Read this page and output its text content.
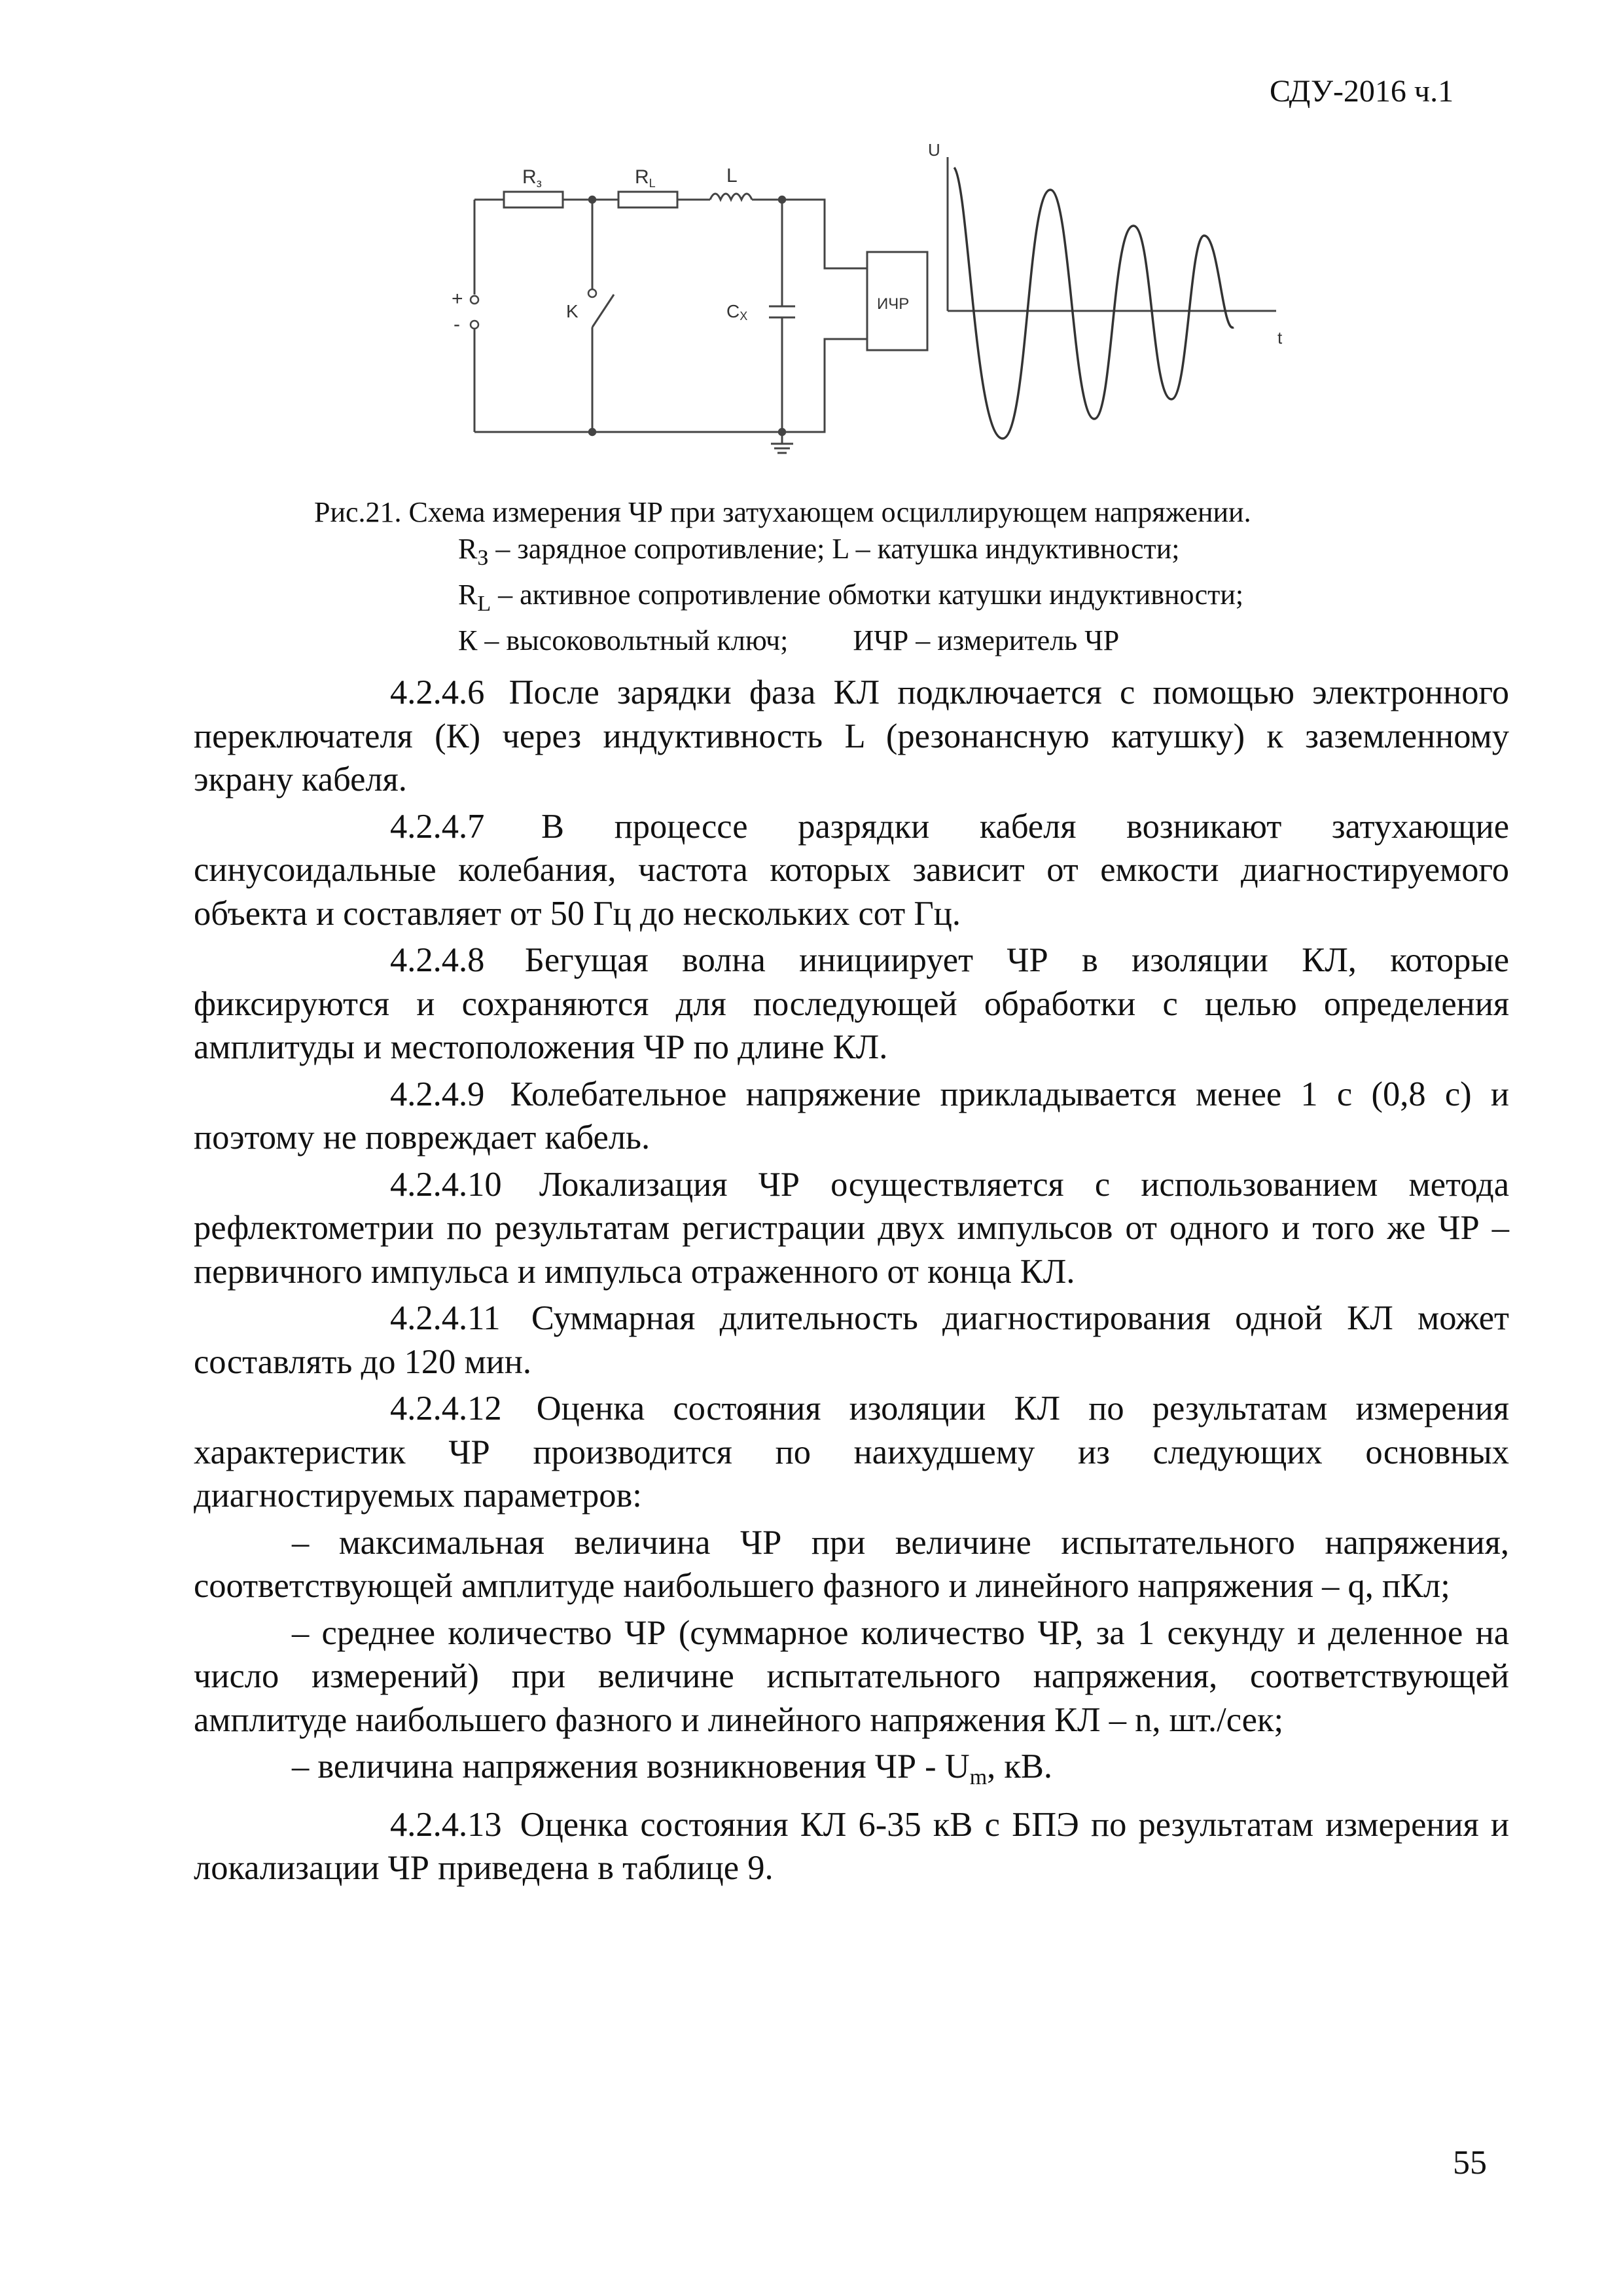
СДУ-2016 ч.1
$R_з$	$R_L$	L
+
-
K	CX
ИЧР
U
t
Рис.21. Схема измерения ЧР при затухающем осциллирующем напряжении.
$R_З$ – зарядное сопротивление; L – катушка индуктивности;
$R_L$ – активное сопротивление обмотки катушки индуктивности;
К – высоковольтный ключ;         ИЧР – измеритель ЧР

4.2.4.6 После зарядки фаза КЛ подключается с помощью электронного переключателя (К) через индуктивность L (резонансную катушку) к заземленному экрану кабеля.

4.2.4.7 В процессе разрядки кабеля возникают затухающие синусоидальные колебания, частота которых зависит от емкости диагностируемого объекта и составляет от 50 Гц до нескольких сот Гц.

4.2.4.8 Бегущая волна инициирует ЧР в изоляции КЛ, которые фиксируются и сохраняются для последующей обработки с целью определения амплитуды и местоположения ЧР по длине КЛ.

4.2.4.9 Колебательное напряжение прикладывается менее 1 с (0,8 с) и поэтому не повреждает кабель.

4.2.4.10 Локализация ЧР осуществляется с использованием метода рефлектометрии по результатам регистрации двух импульсов от одного и того же ЧР – первичного импульса и импульса отраженного от конца КЛ.

4.2.4.11 Суммарная длительность диагностирования одной КЛ может составлять до 120 мин.

4.2.4.12 Оценка состояния изоляции КЛ по результатам измерения характеристик ЧР производится по наихудшему из следующих основных диагностируемых параметров:

– максимальная величина ЧР при величине испытательного напряжения, соответствующей амплитуде наибольшего фазного и линейного напряжения – q, пКл;

– среднее количество ЧР (суммарное количество ЧР, за 1 секунду и деленное на число измерений) при величине испытательного напряжения, соответствующей амплитуде наибольшего фазного и линейного напряжения КЛ – n, шт./сек;

– величина напряжения возникновения ЧР - $U_m$, кВ.

4.2.4.13 Оценка состояния КЛ 6-35 кВ с БПЭ по результатам измерения и локализации ЧР приведена в таблице 9.

55
